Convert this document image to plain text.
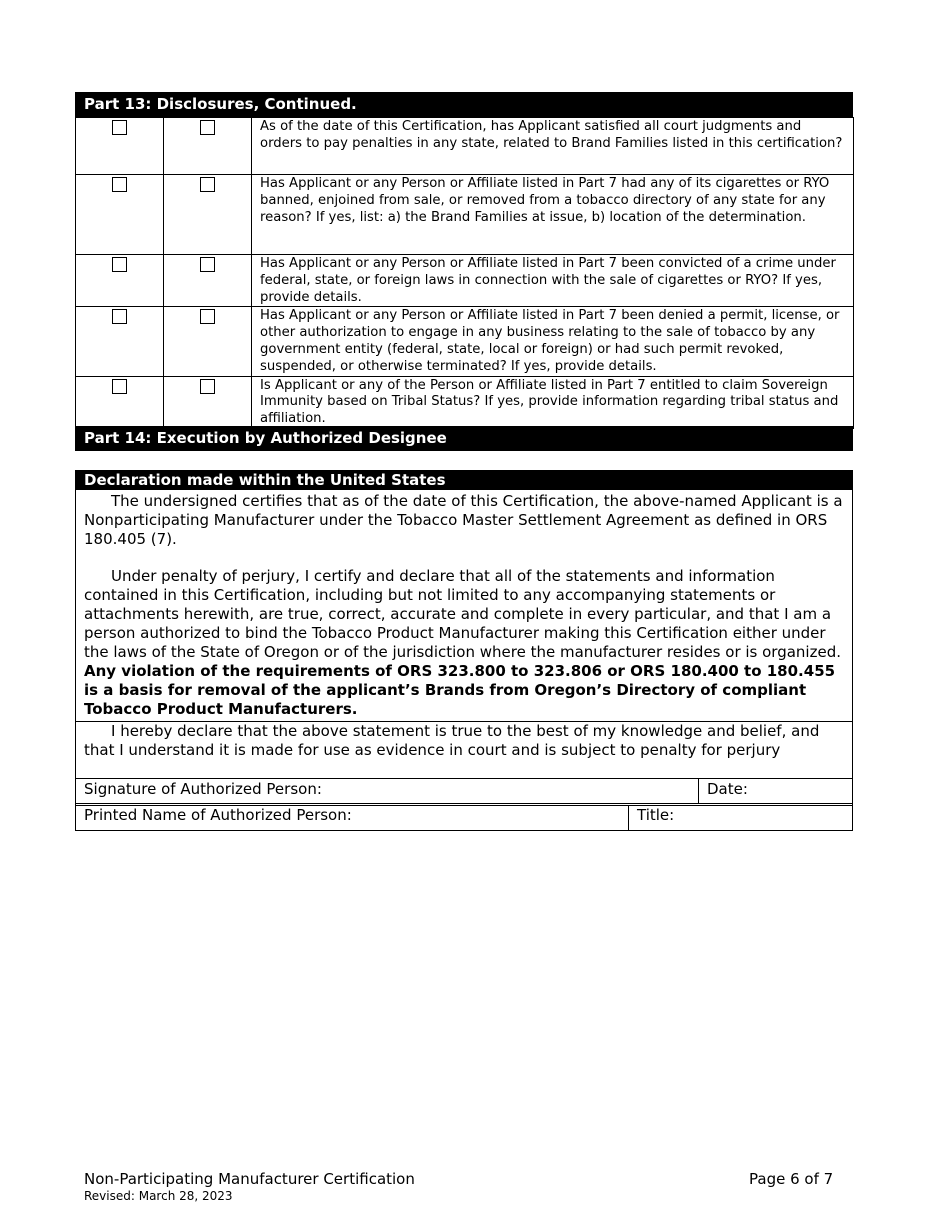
Part 13: Disclosures, Continued.

	As of the date of this Certification, has Applicant satisfied all court judgments and orders to pay penalties in any state, related to Brand Families listed in this certification?

	Has Applicant or any Person or Affiliate listed in Part 7 had any of its cigarettes or RYO banned, enjoined from sale, or removed from a tobacco directory of any state for any reason? If yes, list: a) the Brand Families at issue, b) location of the determination.

	Has Applicant or any Person or Affiliate listed in Part 7 been convicted of a crime under federal, state, or foreign laws in connection with the sale of cigarettes or RYO? If yes, provide details.

	Has Applicant or any Person or Affiliate listed in Part 7 been denied a permit, license, or other authorization to engage in any business relating to the sale of tobacco by any government entity (federal, state, local or foreign) or had such permit revoked, suspended, or otherwise terminated? If yes, provide details.

	Is Applicant or any of the Person or Affiliate listed in Part 7 entitled to claim Sovereign Immunity based on Tribal Status? If yes, provide information regarding tribal status and affiliation.
Part 14: Execution by Authorized Designee
Declaration made within the United States
The undersigned certifies that as of the date of this Certification, the above-named Applicant is a Nonparticipating Manufacturer under the Tobacco Master Settlement Agreement as defined in ORS 180.405 (7).
Under penalty of perjury, I certify and declare that all of the statements and information contained in this Certification, including but not limited to any accompanying statements or attachments herewith, are true, correct, accurate and complete in every particular, and that I am a person authorized to bind the Tobacco Product Manufacturer making this Certification either under the laws of the State of Oregon or of the jurisdiction where the manufacturer resides or is organized.  Any violation of the requirements of ORS 323.800 to 323.806 or ORS 180.400 to 180.455 is a basis for removal of the applicant’s Brands from Oregon’s Directory of compliant Tobacco Product Manufacturers.
I hereby declare that the above statement is true to the best of my knowledge and belief, and that I understand it is made for use as evidence in court and is subject to penalty for perjury
Signature of Authorized Person:	Date:
Printed Name of Authorized Person:	Title:
Non-Participating Manufacturer Certification
Revised: March 28, 2023
Page 6 of 7
